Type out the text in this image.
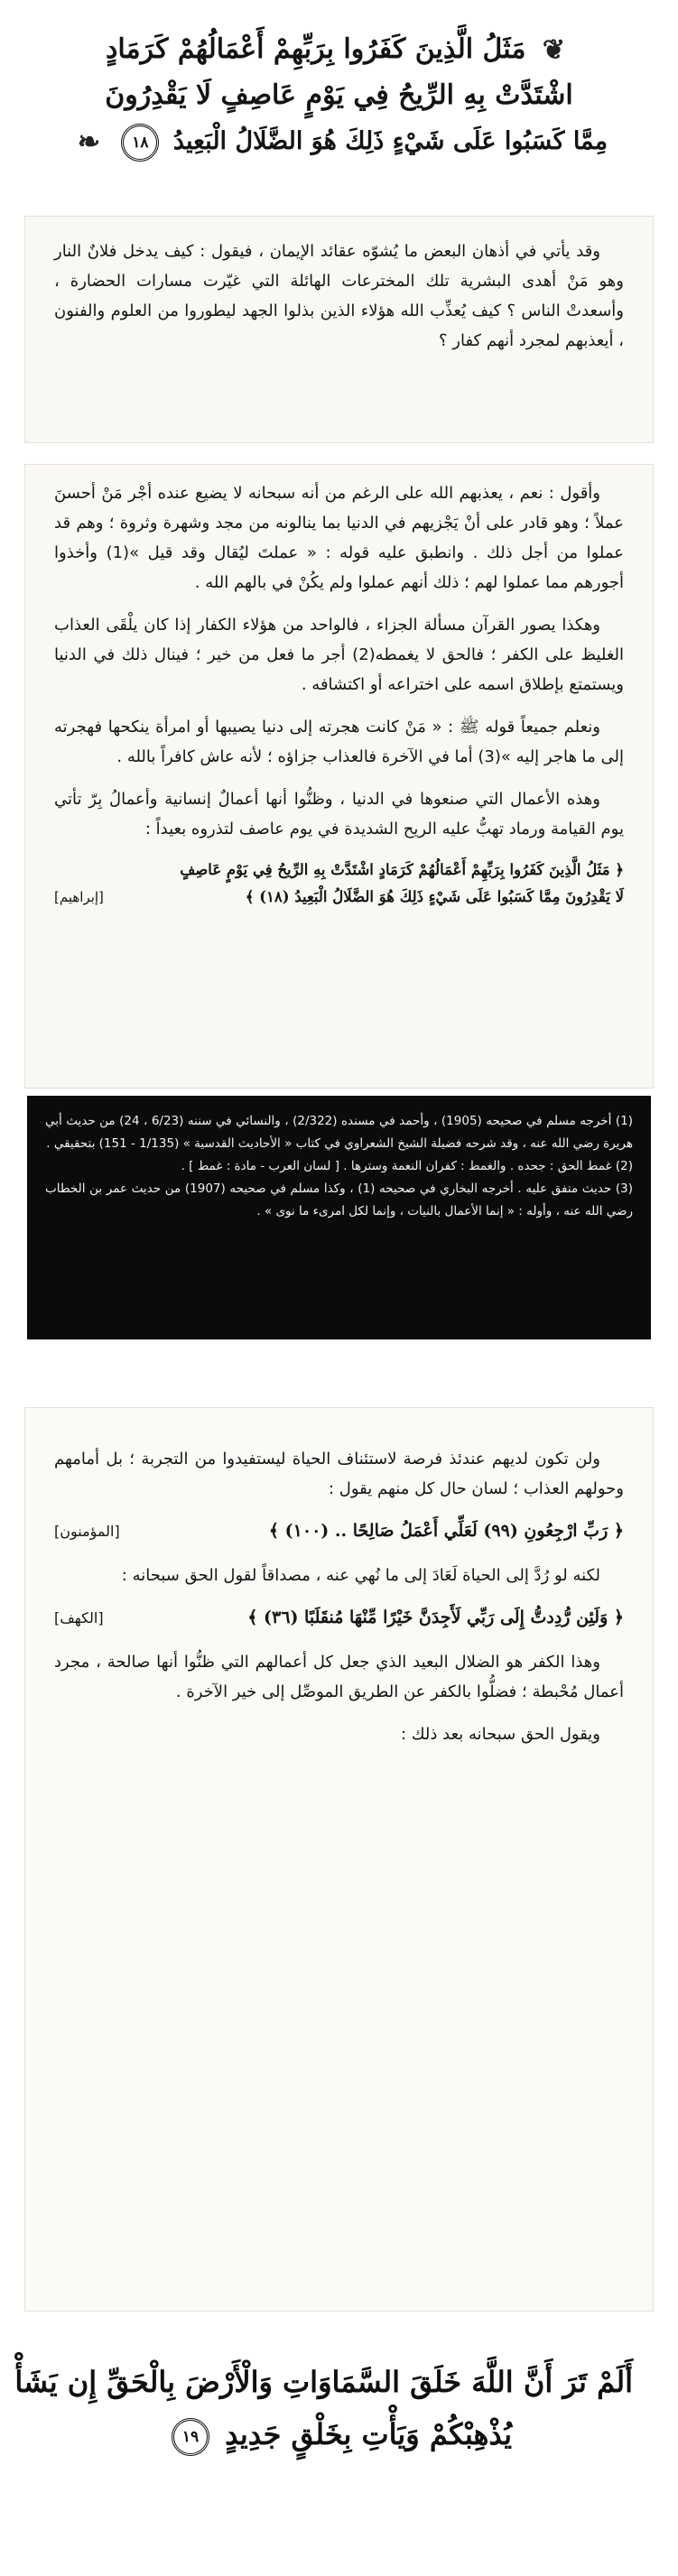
❦ مَثَلُ الَّذِينَ كَفَرُوا بِرَبِّهِمْ أَعْمَالُهُمْ كَرَمَادٍ
اشْتَدَّتْ بِهِ الرِّيحُ فِي يَوْمٍ عَاصِفٍ لَا يَقْدِرُونَ
مِمَّا كَسَبُوا عَلَى شَيْءٍ ذَلِكَ هُوَ الضَّلَالُ الْبَعِيدُ ١٨ ❧

وقد يأتي في أذهان البعض ما يُشوّه عقائد الإيمان ، فيقول : كيف يدخل فلانٌ النار وهو مَنْ أهدى البشرية تلك المخترعات الهائلة التي غيّرت مسارات الحضارة ، وأسعدتْ الناس ؟ كيف يُعذِّب الله هؤلاء الذين بذلوا الجهد ليطوروا من العلوم والفنون ، أيعذبهم لمجرد أنهم كفار ؟

وأقول : نعم ، يعذبهم الله على الرغم من أنه سبحانه لا يضيع عنده أجْر مَنْ أحسنَ عملاً ؛ وهو قادر على أنْ يَجْزيهم في الدنيا بما ينالونه من مجد وشهرة وثروة ؛ وهم قد عملوا من أجل ذلك . وانطبق عليه قوله : « عملتَ ليُقال وقد قيل »(1) وأخذوا أجورهم مما عملوا لهم ؛ ذلك أنهم عملوا ولم يكُنْ في بالهم الله .

وهكذا يصور القرآن مسألة الجزاء ، فالواحد من هؤلاء الكفار إذا كان يلْقَى العذاب الغليظ على الكفر ؛ فالحق لا يغمطه(2) أجر ما فعل من خير ؛ فينال ذلك في الدنيا ويستمتع بإطلاق اسمه على اختراعه أو اكتشافه .

ونعلم جميعاً قوله ﷺ : « مَنْ كانت هجرته إلى دنيا يصيبها أو امرأة ينكحها فهجرته إلى ما هاجر إليه »(3) أما في الآخرة فالعذاب جزاؤه ؛ لأنه عاش كافراً بالله .

وهذه الأعمال التي صنعوها في الدنيا ، وظنُّوا أنها أعمالٌ إنسانية وأعمالُ بِرّ تأتي يوم القيامة ورماد تهبُّ عليه الريح الشديدة في يوم عاصف لتذروه بعيداً :

﴿ مَثَلُ الَّذِينَ كَفَرُوا بِرَبِّهِمْ أَعْمَالُهُمْ كَرَمَادٍ اشْتَدَّتْ بِهِ الرِّيحُ فِي يَوْمٍ عَاصِفٍ
لَا يَقْدِرُونَ مِمَّا كَسَبُوا عَلَى شَيْءٍ ذَلِكَ هُوَ الضَّلَالُ الْبَعِيدُ (١٨) ﴾
[إبراهيم]

(1) أخرجه مسلم في صحيحه (1905) ، وأحمد في مسنده (2/322) ، والنسائي في سننه (6/23 ، 24) من حديث أبي هريرة رضي الله عنه ، وقد شرحه فضيلة الشيخ الشعراوي في كتاب « الأحاديث القدسية » (1/135 - 151) بتحقيقي .

(2) غمط الحق : جحده . والغمط : كفران النعمة وسترها . [ لسان العرب - مادة : غمط ] .

(3) حديث متفق عليه . أخرجه البخاري في صحيحه (1) ، وكذا مسلم في صحيحه (1907) من حديث عمر بن الخطاب رضي الله عنه ، وأوله : « إنما الأعمال بالنيات ، وإنما لكل امرىء ما نوى » .

ولن تكون لديهم عندئذ فرصة لاستئناف الحياة ليستفيدوا من التجربة ؛ بل أمامهم وحولهم العذاب ؛ لسان حال كل منهم يقول :

﴿ رَبِّ ارْجِعُونِ (٩٩) لَعَلِّي أَعْمَلُ صَالِحًا .. (١٠٠) ﴾
[المؤمنون]

لكنه لو رُدَّ إلى الحياة لَعَادَ إلى ما نُهي عنه ، مصداقاً لقول الحق سبحانه :

﴿ وَلَئِن رُّدِدتُّ إِلَى رَبِّي لَأَجِدَنَّ خَيْرًا مِّنْهَا مُنقَلَبًا (٣٦) ﴾
[الكهف]

وهذا الكفر هو الضلال البعيد الذي جعل كل أعمالهم التي ظنُّوا أنها صالحة ، مجرد أعمال مُحْبطة ؛ فضلُّوا بالكفر عن الطريق الموصِّل إلى خير الآخرة .

ويقول الحق سبحانه بعد ذلك :

أَلَمْ تَرَ أَنَّ اللَّهَ خَلَقَ السَّمَاوَاتِ وَالْأَرْضَ بِالْحَقِّ إِن يَشَأْ
يُذْهِبْكُمْ وَيَأْتِ بِخَلْقٍ جَدِيدٍ ١٩
